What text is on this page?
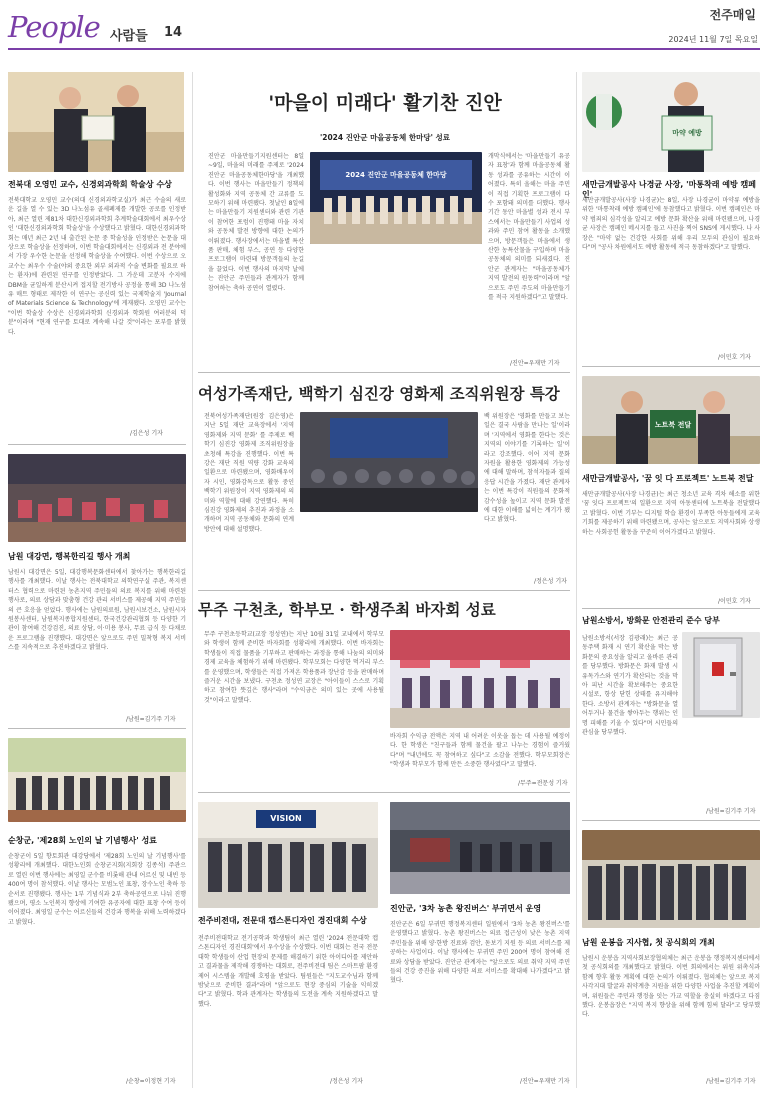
People 사람들 14
전주매일
2024년 11월 7일 목요일
전북대 오영민 교수, 신경외과학회 학술상 수상
전북대학교 오영민 교수(의대 신경외과학교실)가 최근 수술의 새로운 길을 열 수 있는 3D 나노섬유 골세폐제를 개발한 공로를 인정받아, 최근 열린 제81차 대한신경외과학회 추계학술대회에서 최우수상인 '대한신경외과학회 학술상'을 수상했다고 밝혔다. 대한신경외과학회는 매년 최근 2년 내 출간된 논문 중 학술성을 인정받은 논문을 대상으로 학술상을 선정하며, 이번 학술대회에서는 신경외과 전 분야에서 가장 우수한 논문을 선정해 학술상을 수여했다. 이번 수상으로 오 교수는 최우수 수술(야외 중요한 외부 외과적 수술 변화를 필요로 하는 환자)에 관련된 연구를 인정받았다. 그 가운데 고분자 수지에 DBM을 균일하게 분산시켜 접지할 전기방사 공정을 통해 3D 나노섬유 매트 형태로 제작한 이 연구는 공신력 있는 국제학술지 'Journal of Materials Science & Technology'에 게재됐다. 오영민 교수는 "이번 학술상 수상은 신경외과학회 신경외과 학회원 여러분의 덕분"이라며 "현재 연구를 토대로 계속해 나갈 것"이라는 포부를 밝혔다.
/김은성 기자
남원 대강면, 행복한리길 행사 개최
남원시 대강면은 5일, 대강행복문화센터에서 찾아가는 행복한리길 행사를 개최했다. 이날 행사는 전북대학교 의학연구실 주관, 복지센터스 협력으로 마련된 농촌지역 주민들의 의료 복지를 위해 마련된 행사로, 의료 상담과 맞춤형 건강 관리 서비스를 제공해 지역 주민들의 큰 호응을 얻었다. 행사에는 남원의료원, 남원시보건소, 남원시자원봉사센터, 남원복지종합지원센터, 한국건강관리협회 등 다양한 기관이 참여해 건강검진, 의료 상담, 이·미용 봉사, 무료 급식 등 다채로운 프로그램을 진행했다. 대강면은 앞으로도 주민 밀착형 복지 서비스를 지속적으로 추진하겠다고 밝혔다.
/남원=김기주 기자
순창군, '제28회 노인의 날 기념행사' 성료
순창군이 5일 향토회관 대강당에서 '제28회 노인의 날 기념행사'를 성황리에 개최했다. 대한노인회 순창군지회(지회장 김종석) 주관으로 열린 이번 행사에는 최영일 군수를 비롯해 관내 어르신 및 내빈 등 400여 명이 참석했다. 이날 행사는 모범노인 표창, 장수노인 축하 등 순서로 진행됐다. 행사는 1부 기념식과 2부 축하공연으로 나눠 진행됐으며, 평소 노인복지 향상에 기여한 유공자에 대한 표창 수여 등이 이어졌다. 최영일 군수는 어르신들의 건강과 행복을 위해 노력하겠다고 밝혔다.
/순창=이정현 기자
'마을이 미래다' 활기찬 진안
'2024 진안군 마을공동체 한마당' 성료
진안군 마을만들기지원센터는 8일~9일, 마을의 미래를 주제로 '2024 진안군 마을공동체한마당'을 개최했다. 이번 행사는 마을만들기 정책의 활성화와 지역 공동체 간 교류를 도모하기 위해 마련됐다. 첫날인 8일에는 마을만들기 지원센터와 관련 기관이 참여한 포럼이 진행돼 마을 자치와 공동체 발전 방향에 대한 논의가 이뤄졌다. 행사장에서는 마을별 특산품 판매, 체험 부스, 공연 등 다양한 프로그램이 마련돼 방문객들의 눈길을 끌었다. 이번 행사의 마지막 날에는 진안군 주민들과 관계자가 함께 참여하는 축하 공연이 열렸다.
2024 진안군 마을공동체 한마당
개막식에서는 '마을만들기 유공자 표창'과 함께 마을공동체 활동 성과를 공유하는 시간이 이어졌다. 특히 올해는 마을 주민이 직접 기획한 프로그램이 다수 포함돼 의미를 더했다. 행사 기간 동안 마을별 성과 전시 부스에서는 마을만들기 사업의 성과와 주민 참여 활동을 소개했으며, 방문객들은 마을에서 생산한 농특산물을 구입하며 마을 공동체의 의미를 되새겼다. 진안군 관계자는 "마을공동체가 지역 발전의 원동력"이라며 "앞으로도 주민 주도의 마을만들기를 적극 지원하겠다"고 말했다.
/진안=우재만 기자
여성가족재단, 백학기 심진강 영화제 조직위원장 특강
전북여성가족재단(원장 김은영)은 지난 5일 재단 교육장에서 '지역 영화제와 지역 문화' 를 주제로 백학기 심진강 영화제 조직위원장을 초청해 특강을 진행했다. 이번 특강은 재단 직원 역량 강화 교육의 일환으로 마련됐으며, 영화배우이자 시인, 영화감독으로 활동 중인 백학기 위원장이 지역 영화제의 의미와 역할에 대해 강연했다. 특히 심진강 영화제의 추진과 과정을 소개하며 지역 공동체와 문화의 연계 방안에 대해 설명했다.
백 위원장은 '영화를 만들고 보는 일은 결국 사람을 만나는 일'이라며 '지역에서 영화를 한다는 것은 지역의 이야기를 기록하는 일'이라고 강조했다. 이어 지역 문화 자원을 활용한 영화제의 가능성에 대해 말하며, 참석자들과 질의응답 시간을 가졌다. 재단 관계자는 이번 특강이 직원들의 문화적 감수성을 높이고 지역 문화 발전에 대한 이해를 넓히는 계기가 됐다고 밝혔다.
/정은성 기자
무주 구천초, 학부모 · 학생주최 바자회 성료
무주 구천초등학교(교장 정성연)는 지난 10월 31일 교내에서 학부모와 학생이 함께 준비한 바자회를 성황리에 개최했다. 이번 바자회는 학생들이 직접 물품을 기부하고 판매하는 과정을 통해 나눔의 의미와 경제 교육을 체험하기 위해 마련됐다. 학부모회는 다양한 먹거리 부스를 운영했으며, 학생들은 직접 가져온 학용품과 장난감 등을 판매하며 즐거운 시간을 보냈다. 구천초 정성연 교장은 "아이들이 스스로 기획하고 참여한 뜻깊은 행사"라며 "수익금은 의미 있는 곳에 사용될 것"이라고 말했다.
바자회 수익금 전액은 지역 내 어려운 이웃을 돕는 데 사용될 예정이다. 한 학생은 "친구들과 함께 물건을 팔고 나누는 경험이 즐거웠다"며 "내년에도 꼭 참여하고 싶다"고 소감을 전했다. 학부모회장은 "학생과 학부모가 함께 만든 소중한 행사였다"고 말했다.
/무주=전문성 기자
VISION
전주비전대, 전문대 캡스톤디자인 경진대회 수상
전주비전대학교 전기공학과 학생팀이 최근 열린 '2024 전문대학 캡스톤디자인 경진대회'에서 우수상을 수상했다. 이번 대회는 전국 전문대학 학생들이 산업 현장의 문제를 해결하기 위한 아이디어를 제안하고 결과물을 제작해 경쟁하는 대회로, 전주비전대 팀은 스마트팜 환경 제어 시스템을 개발해 호평을 받았다. 팀원들은 "지도교수님과 함께 밤낮으로 준비한 결과"라며 "앞으로도 현장 중심의 기술을 익히겠다"고 밝혔다. 학과 관계자는 학생들의 도전을 계속 지원하겠다고 말했다.
/정은성 기자
진안군, '3차 농촌 왕진버스' 부귀면서 운영
진안군은 6일 부귀면 행정복지센터 일원에서 '3차 농촌 왕진버스'를 운영했다고 밝혔다. 농촌 왕진버스는 의료 접근성이 낮은 농촌 지역 주민들을 위해 양·한방 진료와 검안, 돋보기 지원 등 의료 서비스를 제공하는 사업이다. 이날 행사에는 부귀면 주민 200여 명이 참여해 진료와 상담을 받았다. 진안군 관계자는 "앞으로도 의료 취약 지역 주민들의 건강 증진을 위해 다양한 의료 서비스를 확대해 나가겠다"고 밝혔다.
/진안=우재만 기자
마약 예방
새만금개발공사 나경균 사장, '마통착래 예방 캠페인'
새만금개발공사(사장 나경균)는 8일, 사장 나경균이 마약류 예방을 위한 '마통착래 예방 캠페인'에 동참했다고 밝혔다. 이번 캠페인은 마약 범죄의 심각성을 알리고 예방 문화 확산을 위해 마련됐으며, 나경균 사장은 캠페인 메시지를 들고 사진을 찍어 SNS에 게시했다. 나 사장은 "마약 없는 건강한 사회를 위해 우리 모두의 관심이 필요하다"며 "공사 차원에서도 예방 활동에 적극 동참하겠다"고 말했다.
/이민호 기자
노트북 전달
새만금개발공사, '꿈 잇 다 프로젝트' 노트북 전달
새만금개발공사(사장 나경균)는 최근 청소년 교육 격차 해소를 위한 '꿈 잇다 프로젝트'의 일환으로 지역 아동센터에 노트북을 전달했다고 밝혔다. 이번 기부는 디지털 학습 환경이 부족한 아동들에게 교육 기회를 제공하기 위해 마련됐으며, 공사는 앞으로도 지역사회와 상생하는 사회공헌 활동을 꾸준히 이어가겠다고 밝혔다.
/이민호 기자
남원소방서, 방화문 안전관리 준수 당부
남원소방서(서장 김광래)는 최근 공동주택 화재 시 연기 확산을 막는 방화문의 중요성을 알리고 올바른 관리를 당부했다. 방화문은 화재 발생 시 유독가스와 연기가 확산되는 것을 막아 피난 시간을 확보해주는 중요한 시설로, 항상 닫힌 상태를 유지해야 한다. 소방서 관계자는 "방화문을 열어두거나 물건을 쌓아두는 행위는 인명 피해를 키울 수 있다"며 시민들의 관심을 당부했다.
/남원=김기주 기자
남원 운봉읍 지사협, 첫 공식회의 개최
남원시 운봉읍 지역사회보장협의체는 최근 운봉읍 행정복지센터에서 첫 공식회의를 개최했다고 밝혔다. 이번 회의에서는 위원 위촉식과 함께 향후 활동 계획에 대한 논의가 이뤄졌다. 협의체는 앞으로 복지 사각지대 발굴과 취약계층 지원을 위한 다양한 사업을 추진할 계획이며, 위원들은 주민과 행정을 잇는 가교 역할을 충실히 하겠다고 다짐했다. 운봉읍장은 "지역 복지 향상을 위해 함께 힘써 달라"고 당부했다.
/남원=김기주 기자
